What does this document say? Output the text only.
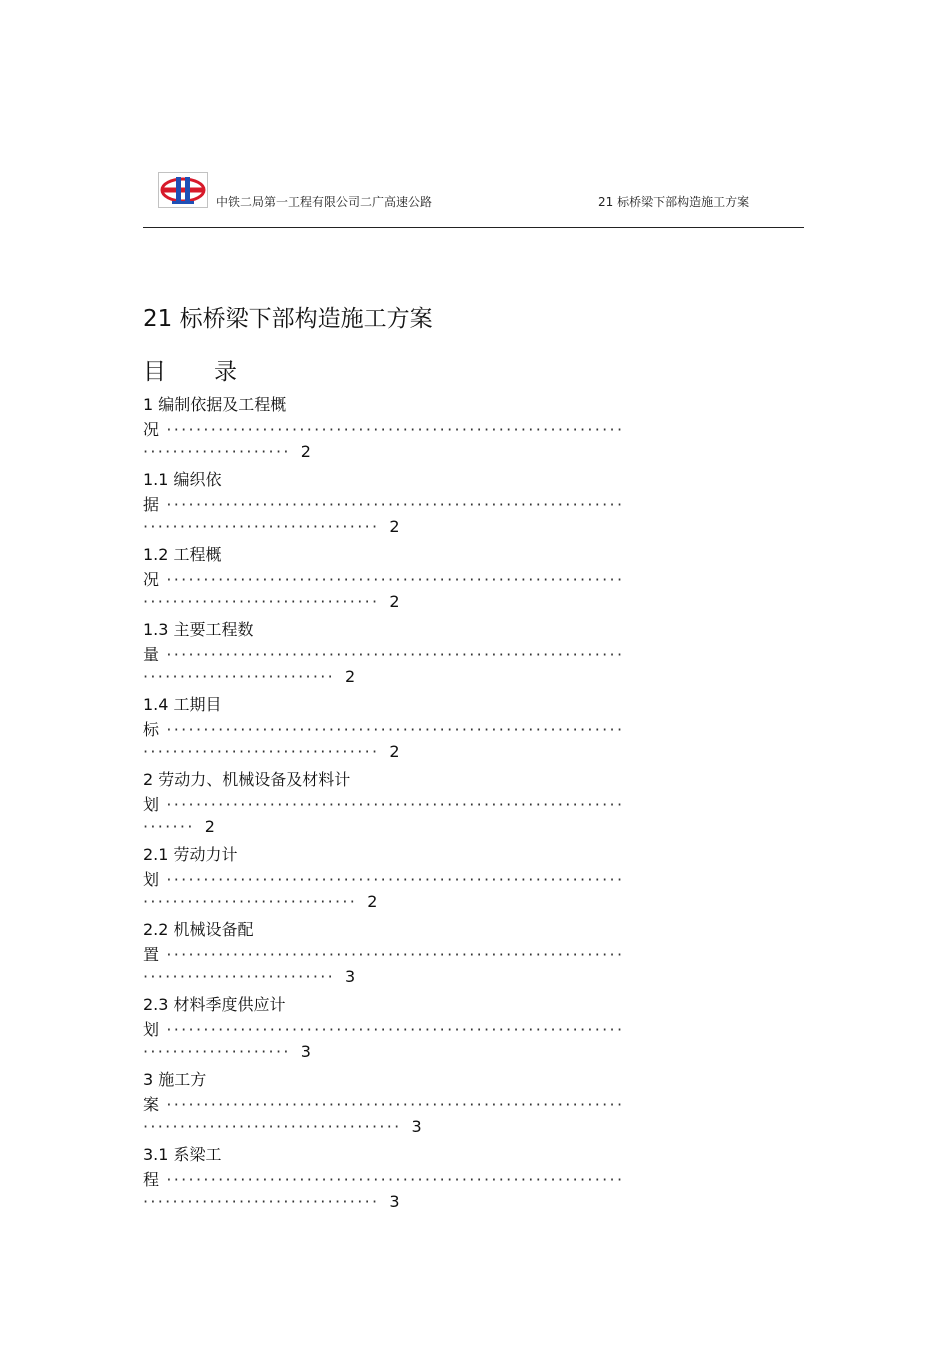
中铁二局第一工程有限公司二广高速公路	21 标桥梁下部构造施工方案
21 标桥梁下部构造施工方案
目 录
1 编制依据及工程概
况 ······························································
···················· 2
1.1 编织依
据 ······························································
································ 2
1.2 工程概
况 ······························································
································ 2
1.3 主要工程数
量 ······························································
·························· 2
1.4 工期目
标 ······························································
································ 2
2 劳动力、机械设备及材料计
划 ······························································
······· 2
2.1 劳动力计
划 ······························································
····························· 2
2.2 机械设备配
置 ······························································
·························· 3
2.3 材料季度供应计
划 ······························································
···················· 3
3 施工方
案 ······························································
··································· 3
3.1 系梁工
程 ······························································
································ 3
